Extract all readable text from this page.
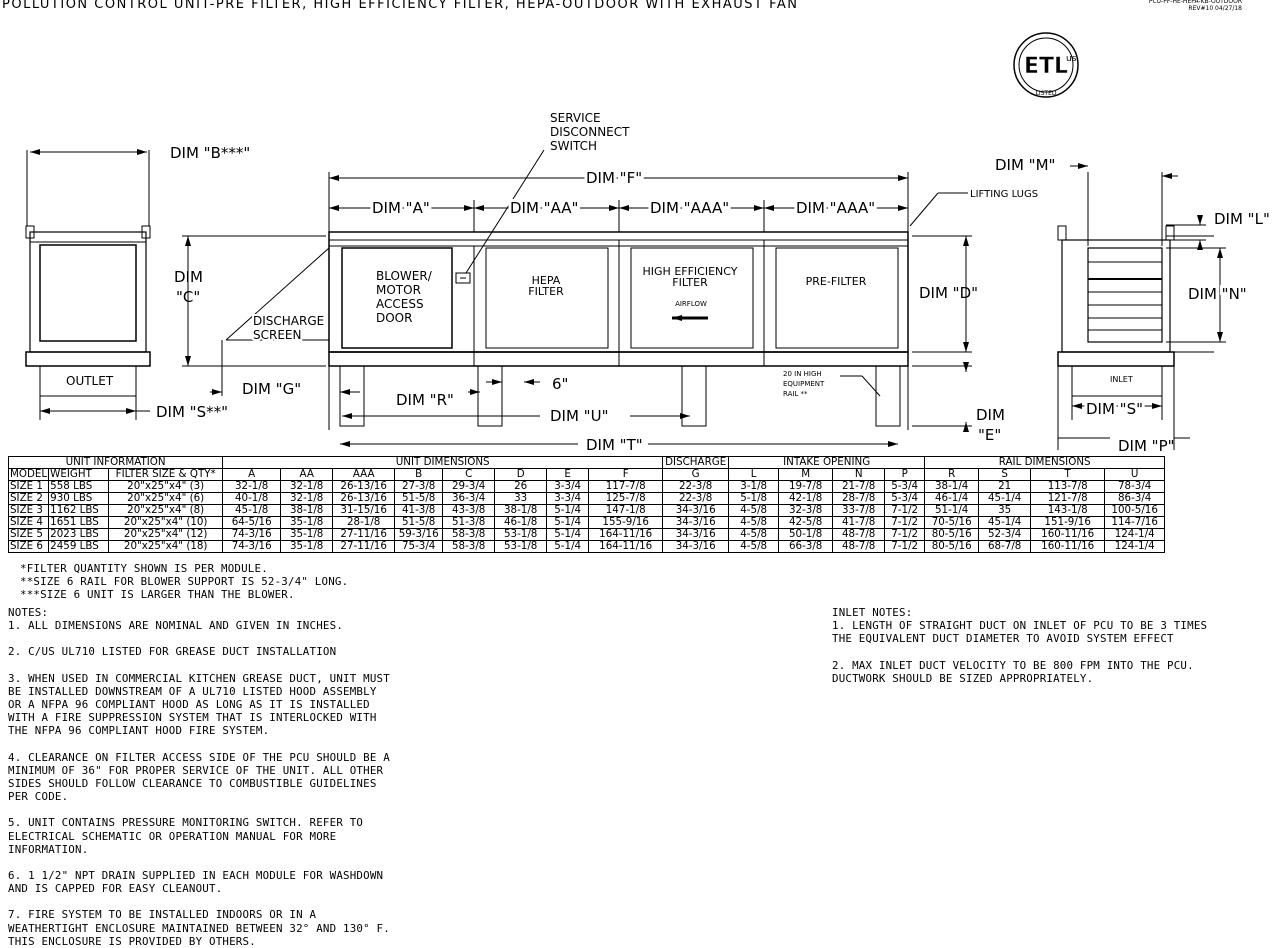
POLLUTION CONTROL UNIT-PRE FILTER, HIGH EFFICIENCY FILTER, HEPA-OUTDOOR WITH EXHAUST FAN	PCU-PF-HE-HEPA-KB-OUTDOOR
REV#10 04/27/18
ETL
us
LISTED
DIM "B***"
DIM
"C"
OUTLET
DIM "S**"
DIM "G"
SERVICE
DISCONNECT
SWITCH
DIM "F"
DIM "A"	DIM "AA"	DIM "AAA"	DIM "AAA"
LIFTING LUGS
BLOWER/
MOTOR
ACCESS
DOOR
HEPA
FILTER
HIGH EFFICIENCY
FILTER
AIRFLOW
PRE-FILTER
DISCHARGE
SCREEN
DIM "D"
DIM "R"
6"
DIM "U"
DIM "T"
20 IN HIGH
EQUIPMENT
RAIL **
DIM
"E"
DIM "M"
DIM "L"
DIM "N"
INLET
DIM "S"
DIM "P"
UNIT INFORMATION			UNIT DIMENSIONS								DISCHARGE	INTAKE OPENING				RAIL DIMENSIONS			
MODEL	WEIGHT	FILTER SIZE & QTY*	A	AA	AAA	B	C	D	E	F	G	L	M	N	P	R	S	T	U
SIZE 1	558 LBS	20"x25"x4" (3)	32-1/8	32-1/8	26-13/16	27-3/8	29-3/4	26	3-3/4	117-7/8	22-3/8	3-1/8	19-7/8	21-7/8	5-3/4	38-1/4	21	113-7/8	78-3/4
SIZE 2	930 LBS	20"x25"x4" (6)	40-1/8	32-1/8	26-13/16	51-5/8	36-3/4	33	3-3/4	125-7/8	22-3/8	5-1/8	42-1/8	28-7/8	5-3/4	46-1/4	45-1/4	121-7/8	86-3/4
SIZE 3	1162 LBS	20"x25"x4" (8)	45-1/8	38-1/8	31-15/16	41-3/8	43-3/8	38-1/8	5-1/4	147-1/8	34-3/16	4-5/8	32-3/8	33-7/8	7-1/2	51-1/4	35	143-1/8	100-5/16
SIZE 4	1651 LBS	20"x25"x4" (10)	64-5/16	35-1/8	28-1/8	51-5/8	51-3/8	46-1/8	5-1/4	155-9/16	34-3/16	4-5/8	42-5/8	41-7/8	7-1/2	70-5/16	45-1/4	151-9/16	114-7/16
SIZE 5	2023 LBS	20"x25"x4" (12)	74-3/16	35-1/8	27-11/16	59-3/16	58-3/8	53-1/8	5-1/4	164-11/16	34-3/16	4-5/8	50-1/8	48-7/8	7-1/2	80-5/16	52-3/4	160-11/16	124-1/4
SIZE 6	2459 LBS	20"x25"x4" (18)	74-3/16	35-1/8	27-11/16	75-3/4	58-3/8	53-1/8	5-1/4	164-11/16	34-3/16	4-5/8	66-3/8	48-7/8	7-1/2	80-5/16	68-7/8	160-11/16	124-1/4
*FILTER QUANTITY SHOWN IS PER MODULE.
**SIZE 6 RAIL FOR BLOWER SUPPORT IS 52-3/4" LONG.
***SIZE 6 UNIT IS LARGER THAN THE BLOWER.
NOTES:
1. ALL DIMENSIONS ARE NOMINAL AND GIVEN IN INCHES.
2. C/US UL710 LISTED FOR GREASE DUCT INSTALLATION
3. WHEN USED IN COMMERCIAL KITCHEN GREASE DUCT, UNIT MUST
BE INSTALLED DOWNSTREAM OF A UL710 LISTED HOOD ASSEMBLY
OR A NFPA 96 COMPLIANT HOOD AS LONG AS IT IS INSTALLED
WITH A FIRE SUPPRESSION SYSTEM THAT IS INTERLOCKED WITH
THE NFPA 96 COMPLIANT HOOD FIRE SYSTEM.
4. CLEARANCE ON FILTER ACCESS SIDE OF THE PCU SHOULD BE A
MINIMUM OF 36" FOR PROPER SERVICE OF THE UNIT. ALL OTHER
SIDES SHOULD FOLLOW CLEARANCE TO COMBUSTIBLE GUIDELINES
PER CODE.
5. UNIT CONTAINS PRESSURE MONITORING SWITCH. REFER TO
ELECTRICAL SCHEMATIC OR OPERATION MANUAL FOR MORE
INFORMATION.
6. 1 1/2" NPT DRAIN SUPPLIED IN EACH MODULE FOR WASHDOWN
AND IS CAPPED FOR EASY CLEANOUT.
7. FIRE SYSTEM TO BE INSTALLED INDOORS OR IN A
WEATHERTIGHT ENCLOSURE MAINTAINED BETWEEN 32° AND 130° F.
THIS ENCLOSURE IS PROVIDED BY OTHERS.
INLET NOTES:
1. LENGTH OF STRAIGHT DUCT ON INLET OF PCU TO BE 3 TIMES
THE EQUIVALENT DUCT DIAMETER TO AVOID SYSTEM EFFECT
2. MAX INLET DUCT VELOCITY TO BE 800 FPM INTO THE PCU.
DUCTWORK SHOULD BE SIZED APPROPRIATELY.
